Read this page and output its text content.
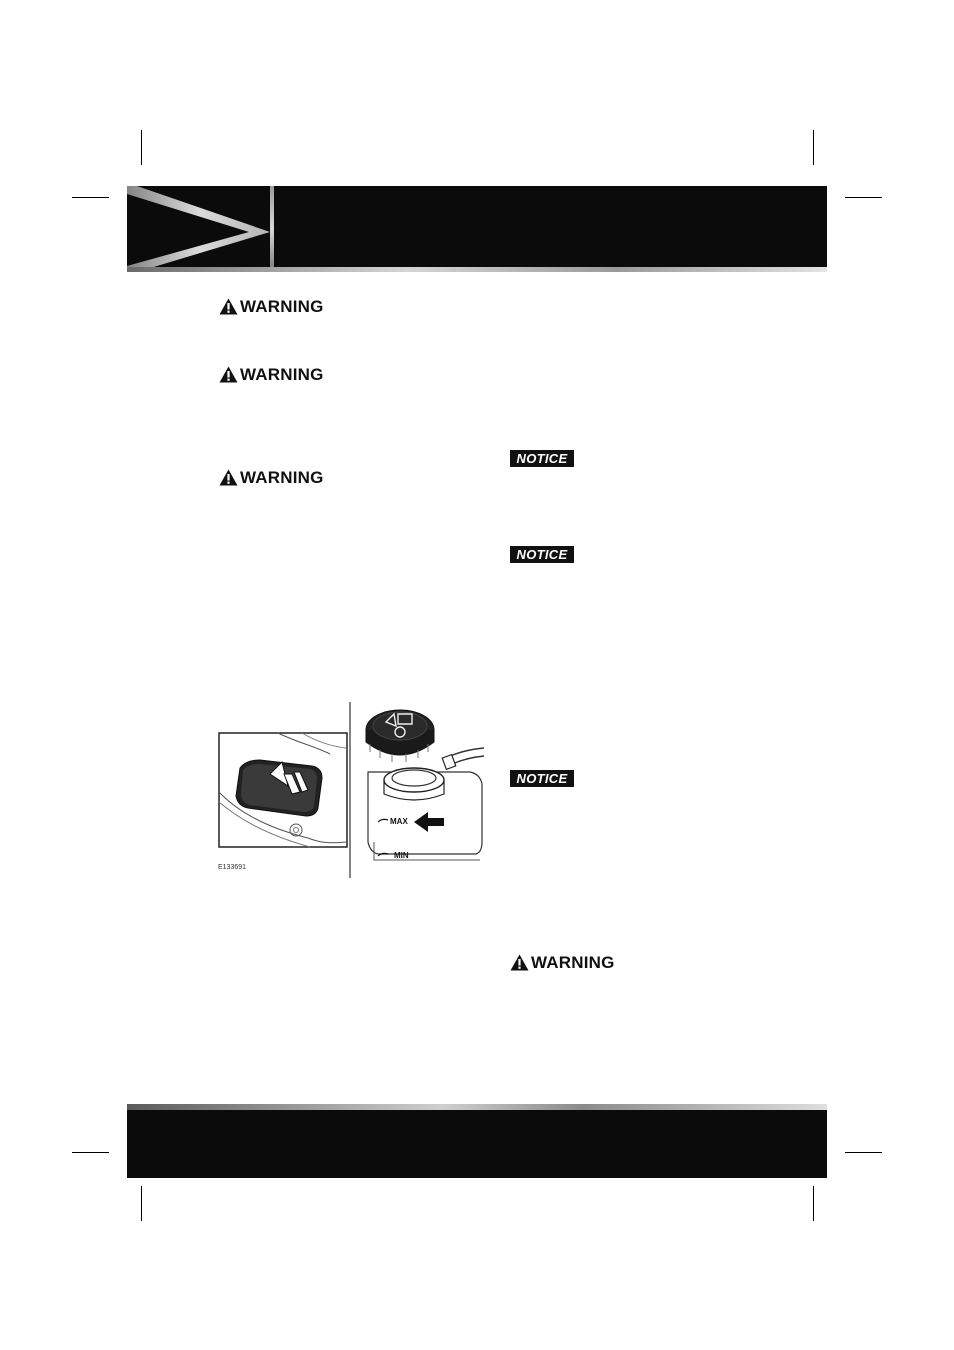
WARNING
WARNING
WARNING
NOTICE
NOTICE
NOTICE
WARNING
MAX
MIN
E133691
